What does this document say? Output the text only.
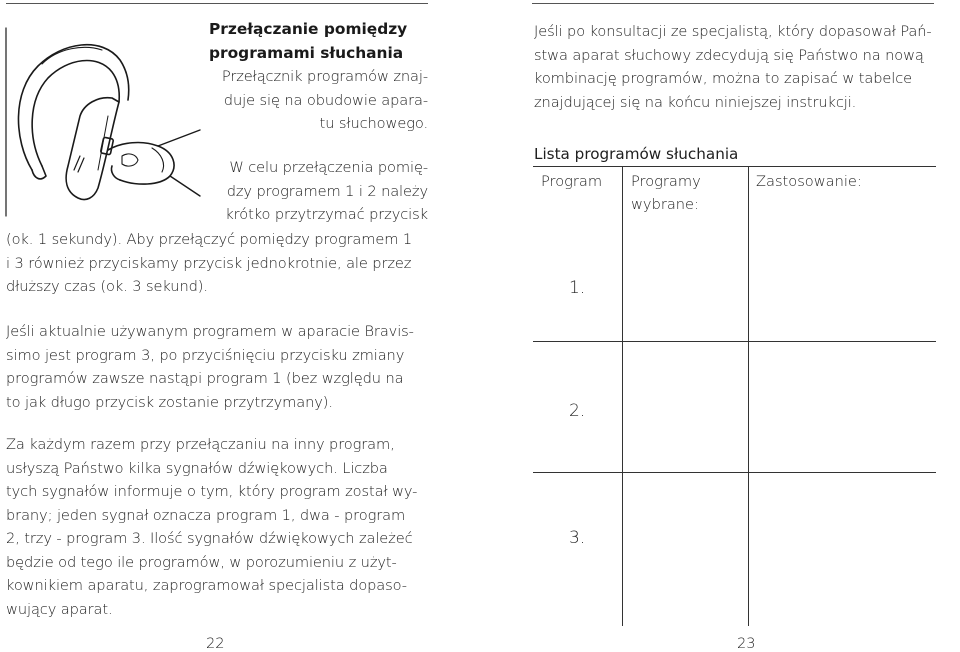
Przełączanie pomiędzy
programami słuchania
Przełącznik programów znaj-
duje się na obudowie apara-
tu słuchowego.
W celu przełączenia pomię-
dzy programem 1 i 2 należy
krótko przytrzymać przycisk
(ok. 1 sekundy). Aby przełączyć pomiędzy programem 1
i 3 również przyciskamy przycisk jednokrotnie, ale przez
dłuższy czas (ok. 3 sekund).
Jeśli aktualnie używanym programem w aparacie Bravis-
simo jest program 3, po przyciśnięciu przycisku zmiany
programów zawsze nastąpi program 1 (bez względu na
to jak długo przycisk zostanie przytrzymany).
Za każdym razem przy przełączaniu na inny program,
usłyszą Państwo kilka sygnałów dźwiękowych. Liczba
tych sygnałów informuje o tym, który program został wy-
brany; jeden sygnał oznacza program 1, dwa - program
2, trzy - program 3. Ilość sygnałów dźwiękowych zależeć
będzie od tego ile programów, w porozumieniu z użyt-
kownikiem aparatu, zaprogramował specjalista dopaso-
wujący aparat.
22
Jeśli po konsultacji ze specjalistą, który dopasował Pań-
stwa aparat słuchowy zdecydują się Państwo na nową
kombinację programów, można to zapisać w tabelce
znajdującej się na końcu niniejszej instrukcji.
Lista programów słuchania
Program Programy
wybrane:
Zastosowanie:
1.
2.
3.
23
